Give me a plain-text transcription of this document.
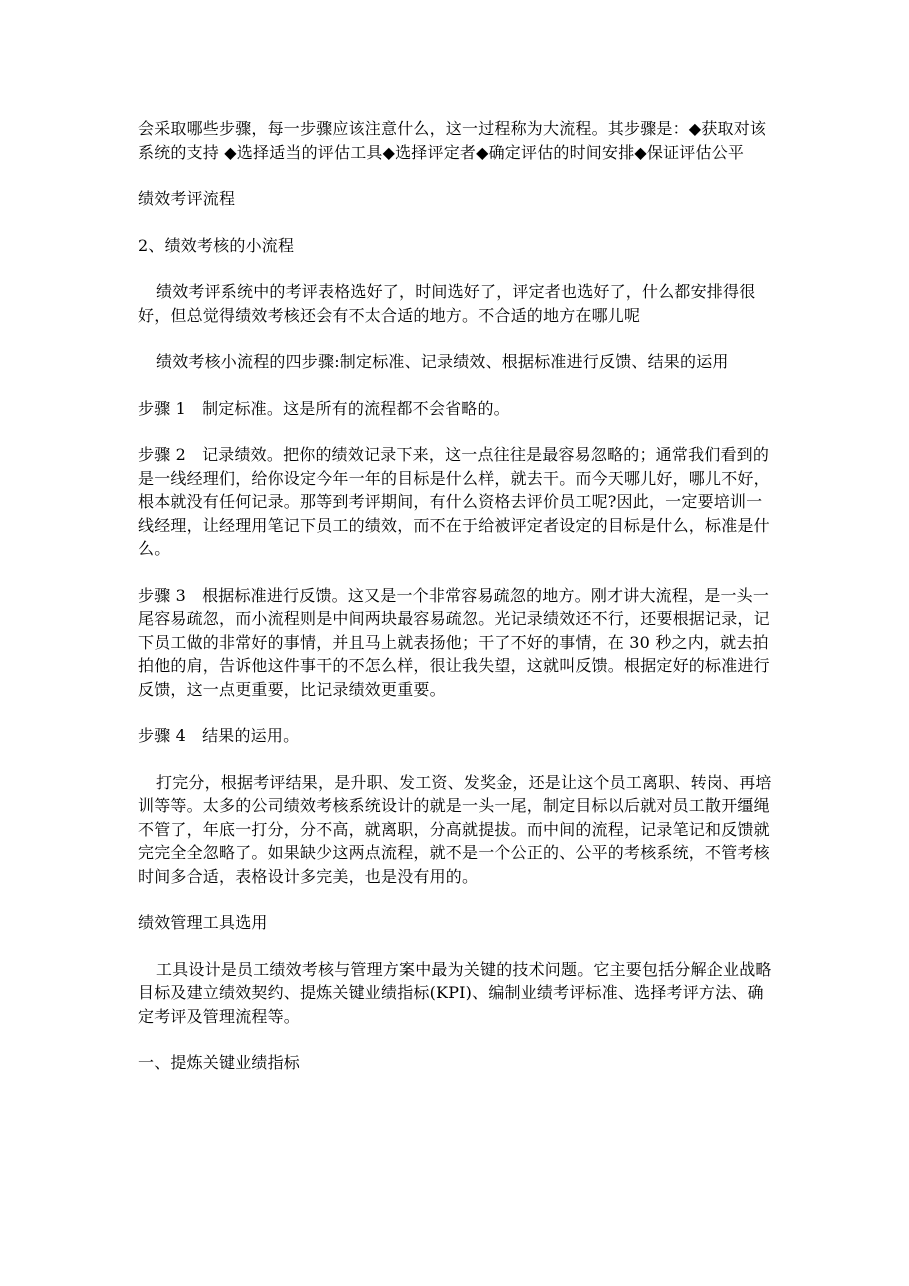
会采取哪些步骤，每一步骤应该注意什么，这一过程称为大流程。其步骤是：◆获取对该系统的支持 ◆选择适当的评估工具◆选择评定者◆确定评估的时间安排◆保证评估公平

绩效考评流程

2、绩效考核的小流程

绩效考评系统中的考评表格选好了，时间选好了，评定者也选好了，什么都安排得很好，但总觉得绩效考核还会有不太合适的地方。不合适的地方在哪儿呢

绩效考核小流程的四步骤:制定标准、记录绩效、根据标准进行反馈、结果的运用

步骤 1 制定标准。这是所有的流程都不会省略的。

步骤 2 记录绩效。把你的绩效记录下来，这一点往往是最容易忽略的；通常我们看到的是一线经理们，给你设定今年一年的目标是什么样，就去干。而今天哪儿好，哪儿不好，根本就没有任何记录。那等到考评期间，有什么资格去评价员工呢?因此，一定要培训一线经理，让经理用笔记下员工的绩效，而不在于给被评定者设定的目标是什么，标准是什么。

步骤 3 根据标准进行反馈。这又是一个非常容易疏忽的地方。刚才讲大流程，是一头一尾容易疏忽，而小流程则是中间两块最容易疏忽。光记录绩效还不行，还要根据记录，记下员工做的非常好的事情，并且马上就表扬他；干了不好的事情，在 30 秒之内，就去拍拍他的肩，告诉他这件事干的不怎么样，很让我失望，这就叫反馈。根据定好的标准进行反馈，这一点更重要，比记录绩效更重要。

步骤 4 结果的运用。

打完分，根据考评结果，是升职、发工资、发奖金，还是让这个员工离职、转岗、再培训等等。太多的公司绩效考核系统设计的就是一头一尾，制定目标以后就对员工散开缰绳不管了，年底一打分，分不高，就离职，分高就提拔。而中间的流程，记录笔记和反馈就完完全全忽略了。如果缺少这两点流程，就不是一个公正的、公平的考核系统，不管考核时间多合适，表格设计多完美，也是没有用的。

绩效管理工具选用

工具设计是员工绩效考核与管理方案中最为关键的技术问题。它主要包括分解企业战略目标及建立绩效契约、提炼关键业绩指标(KPI)、编制业绩考评标准、选择考评方法、确定考评及管理流程等。

一、提炼关键业绩指标
